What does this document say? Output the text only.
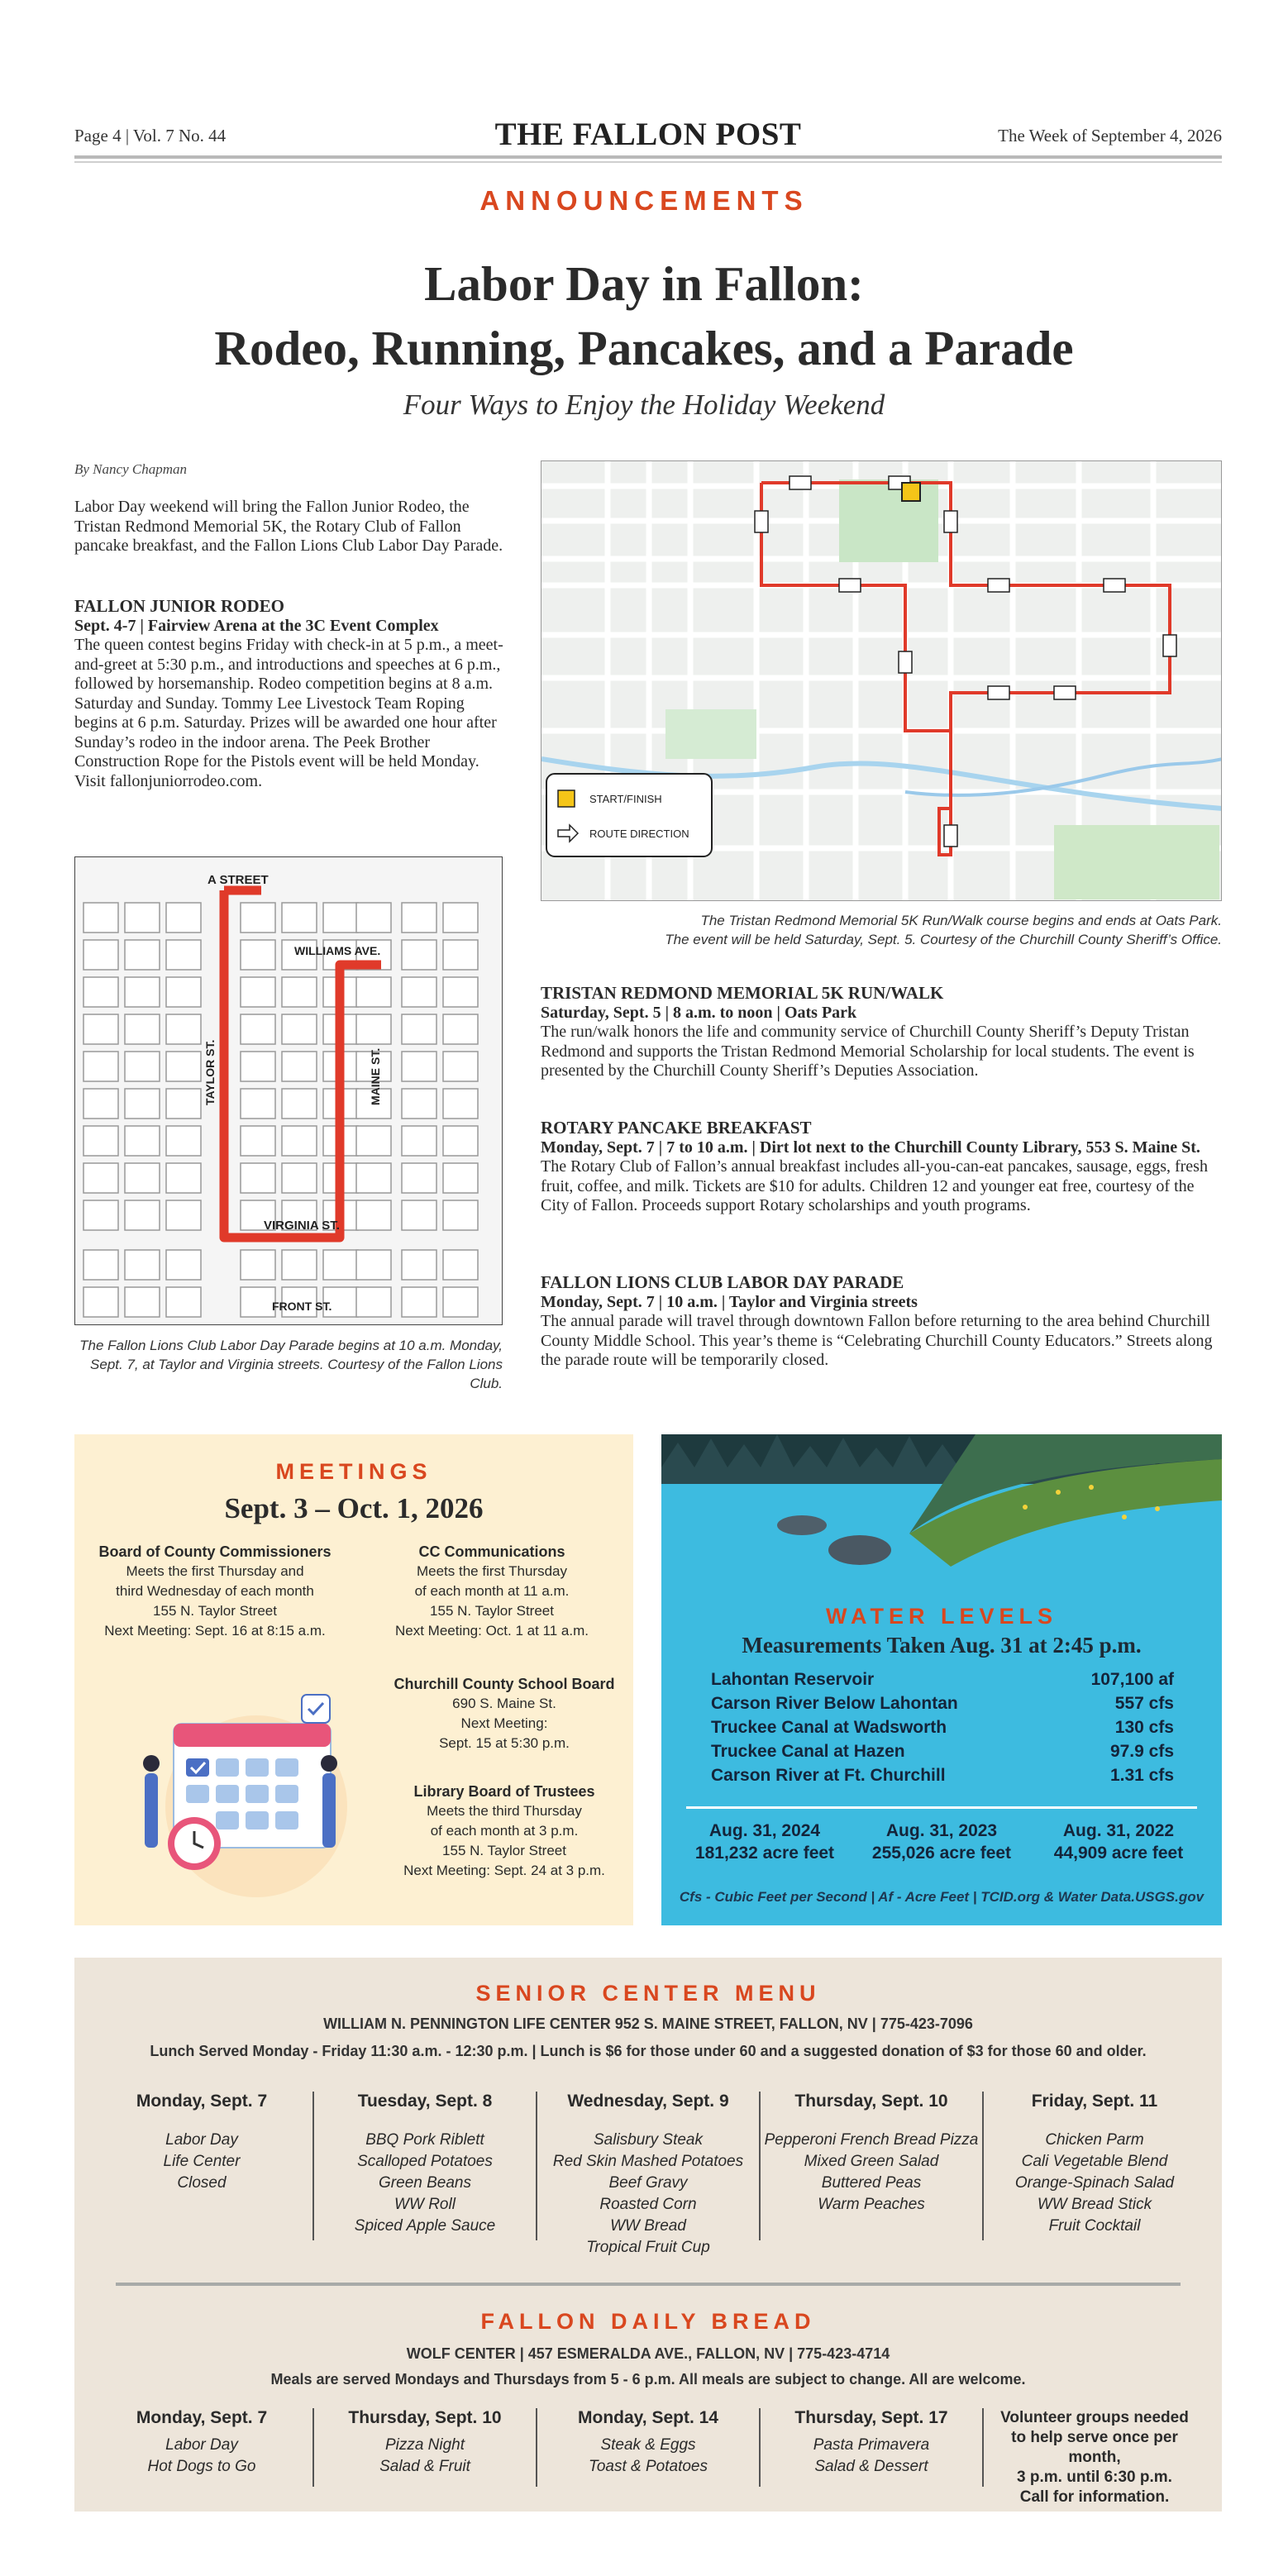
Page 4 | Vol. 7 No. 44	THE FALLON POST	The Week of September 4, 2026
ANNOUNCEMENTS
Labor Day in Fallon:
Rodeo, Running, Pancakes, and a Parade
Four Ways to Enjoy the Holiday Weekend
By Nancy Chapman
Labor Day weekend will bring the Fallon Junior Rodeo, the Tristan Redmond Memorial 5K, the Rotary Club of Fallon pancake breakfast, and the Fallon Lions Club Labor Day Parade.
FALLON JUNIOR RODEO
Sept. 4-7 | Fairview Arena at the 3C Event Complex
The queen contest begins Friday with check-in at 5 p.m., a meet-and-greet at 5:30 p.m., and introductions and speeches at 6 p.m., followed by horsemanship. Rodeo competition begins at 8 a.m. Saturday and Sunday. Tommy Lee Livestock Team Roping begins at 6 p.m. Saturday. Prizes will be awarded one hour after Sunday’s rodeo in the indoor arena. The Peek Brother Construction Rope for the Pistols event will be held Monday. Visit fallonjuniorrodeo.com.
START/FINISH
ROUTE DIRECTION
The Tristan Redmond Memorial 5K Run/Walk course begins and ends at Oats Park.
The event will be held Saturday, Sept. 5. Courtesy of the Churchill County Sheriff’s Office.
TRISTAN REDMOND MEMORIAL 5K RUN/WALK
Saturday, Sept. 5 | 8 a.m. to noon | Oats Park
The run/walk honors the life and community service of Churchill County Sheriff’s Deputy Tristan Redmond and supports the Tristan Redmond Memorial Scholarship for local students. The event is presented by the Churchill County Sheriff’s Deputies Association.
ROTARY PANCAKE BREAKFAST
Monday, Sept. 7 | 7 to 10 a.m. | Dirt lot next to the Churchill County Library, 553 S. Maine St.
The Rotary Club of Fallon’s annual breakfast includes all-you-can-eat pancakes, sausage, eggs, fresh fruit, coffee, and milk. Tickets are $10 for adults. Children 12 and younger eat free, courtesy of the City of Fallon. Proceeds support Rotary scholarships and youth programs.
FALLON LIONS CLUB LABOR DAY PARADE
Monday, Sept. 7 | 10 a.m. | Taylor and Virginia streets
The annual parade will travel through downtown Fallon before returning to the area behind Churchill County Middle School. This year’s theme is “Celebrating Churchill County Educators.” Streets along the parade route will be temporarily closed.
A STREET
WILLIAMS AVE.
TAYLOR ST.	MAINE ST.
VIRGINIA ST.
FRONT ST.
The Fallon Lions Club Labor Day Parade begins at 10 a.m. Monday,
Sept. 7, at Taylor and Virginia streets. Courtesy of the Fallon Lions Club.
MEETINGS
Sept. 3 – Oct. 1, 2026
Board of County Commissioners
Meets the first Thursday and
third Wednesday of each month
155 N. Taylor Street
Next Meeting: Sept. 16 at 8:15 a.m.
CC Communications
Meets the first Thursday
of each month at 11 a.m.
155 N. Taylor Street
Next Meeting: Oct. 1 at 11 a.m.
Churchill County School Board
690 S. Maine St.
Next Meeting:
Sept. 15 at 5:30 p.m.
Library Board of Trustees
Meets the third Thursday
of each month at 3 p.m.
155 N. Taylor Street
Next Meeting: Sept. 24 at 3 p.m.
WATER LEVELS
Measurements Taken Aug. 31 at 2:45 p.m.
Lahontan Reservoir	107,100 af
Carson River Below Lahontan	557 cfs
Truckee Canal at Wadsworth	130 cfs
Truckee Canal at Hazen	97.9 cfs
Carson River at Ft. Churchill	1.31 cfs
Aug. 31, 2024
181,232 acre feet
Aug. 31, 2023
255,026 acre feet
Aug. 31, 2022
44,909 acre feet
Cfs - Cubic Feet per Second | Af - Acre Feet | TCID.org & Water Data.USGS.gov
SENIOR CENTER MENU
WILLIAM N. PENNINGTON LIFE CENTER 952 S. MAINE STREET, FALLON, NV | 775-423-7096
Lunch Served Monday - Friday 11:30 a.m. - 12:30 p.m. | Lunch is $6 for those under 60 and a suggested donation of $3 for those 60 and older.
Monday, Sept. 7
Labor Day
Life Center
Closed
Tuesday, Sept. 8
BBQ Pork Riblett
Scalloped Potatoes
Green Beans
WW Roll
Spiced Apple Sauce
Wednesday, Sept. 9
Salisbury Steak
Red Skin Mashed Potatoes
Beef Gravy
Roasted Corn
WW Bread
Tropical Fruit Cup
Thursday, Sept. 10
Pepperoni French Bread Pizza
Mixed Green Salad
Buttered Peas
Warm Peaches
Friday, Sept. 11
Chicken Parm
Cali Vegetable Blend
Orange-Spinach Salad
WW Bread Stick
Fruit Cocktail
FALLON DAILY BREAD
WOLF CENTER | 457 ESMERALDA AVE., FALLON, NV | 775-423-4714
Meals are served Mondays and Thursdays from 5 - 6 p.m. All meals are subject to change. All are welcome.
Monday, Sept. 7
Labor Day
Hot Dogs to Go
Thursday, Sept. 10
Pizza Night
Salad & Fruit
Monday, Sept. 14
Steak & Eggs
Toast & Potatoes
Thursday, Sept. 17
Pasta Primavera
Salad & Dessert
Volunteer groups needed
to help serve once per month,
3 p.m. until 6:30 p.m.
Call for information.
